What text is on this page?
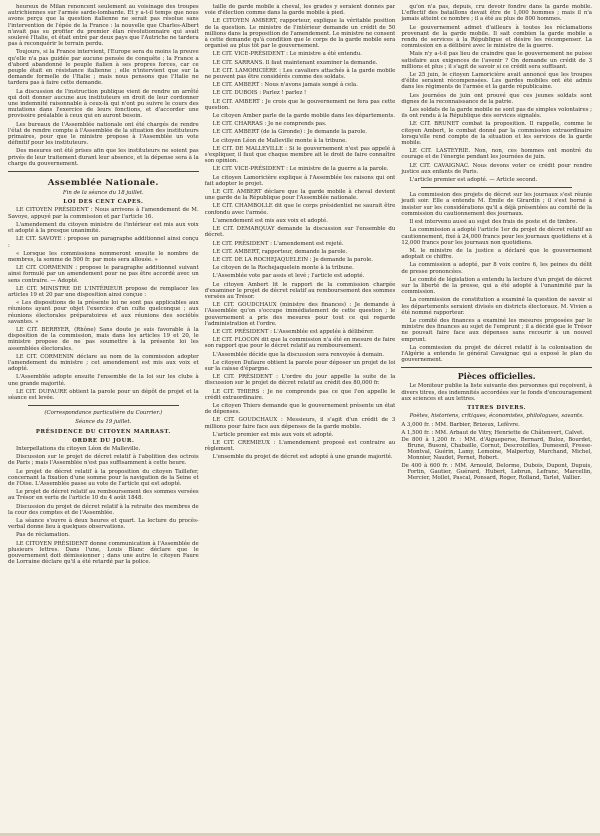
heureux de Milan renoncent seulement au voisinage des troupes autrichiennes sur l'armée sarde-lombarde. Et y a-t-il temps que nous avons perçu que la question italienne ne serait pas résolue sans l'intervention de l'épée de la France : la nouvelle que Charles-Albert n'avait pas su profiter du premier élan révolutionnaire qui avait soulevé l'Italie, et était entré par deux pays que l'Autriche ne tardera pas à reconquérir le terrain perdu.

Toujours, si la France intervient, l'Europe sera du moins la preuve qu'elle n'a pas guidée par aucune pensée de conquête ; la France a d'abord abandonné le peuple italien à ses propres forces, car ce peuple était en résistance italienne ; elle n'intervient que sur la demande formelle de l'Italie ; mais nous pensons que l'Italie ne tardera pas à faire cette demande.

La discussion de l'instruction publique vient de rendre un arrêté qui doit donner aucune aux instituteurs en droit de leur cordonner une indemnité raisonnable à ceux-là qui n'ont pu suivre le cours des mutations dans l'exercice de leurs fonctions, et d'accorder une provisoire préalable à ceux qui en auront besoin.

Les bureaux de l'Assemblée nationale ont été chargés de rendre l'état de rendre compte à l'Assemblée de la situation des instituteurs primaires, pour que le ministre propose à l'Assemblée un vote définitif pour les instituteurs.

Des mesures ont été prises afin que les instituteurs ne soient pas privés de leur traitement durant leur absence, et la dépense sera à la charge du gouvernement.

Assemblée Nationale.

Fin de la séance du 18 juillet.

LOI DES CENT CAPES.

LE CITOYEN PRÉSIDENT : Nous arrivons à l'amendement de M. Savoye, appuyé par la commission et par l'article 16.

L'amendement du citoyen ministre de l'intérieur est mis aux voix et adopté à la presque unanimité.

LE CIT. SAVOYE : propose un paragraphe additionnel ainsi conçu :

« Lorsque les commissions nommeront ensuite le nombre de membres, la somme de 500 fr. par mois sera allouée. »

LE CIT. CORMENIN : propose le paragraphe additionnel suivant ainsi formulé par un amendement pour ne pas être accordé avec un sens contraire. — Adopté.

LE CIT. MINISTRE DE L'INTÉRIEUR propose de remplacer les articles 19 et 20 par une disposition ainsi conçue :

« Les dispositions de la présente loi ne sont pas applicables aux réunions ayant pour objet l'exercice d'un culte quelconque ; aux réunions électorales préparatoires et aux réunions des sociétés savantes. »

LE CIT. BERRYER, (Rhône) Sans doute je suis favorable à la disposition de la commission, mais dans les articles 19 et 20, le ministre propose de ne pas soumettre à la présente loi les assemblées électorales.

LE CIT. CORMENIN déclare au nom de la commission adopter l'amendement du ministre ; cet amendement est mis aux voix et adopté.

L'Assemblée adopte ensuite l'ensemble de la loi sur les clubs à une grande majorité.

LE CIT. DUFAURE obtient la parole pour un dépôt de projet et la séance est levée.

(Correspondance particulière du Courrier.)

Séance du 19 juillet.

PRÉSIDENCE DU CITOYEN MARRAST.

ORDRE DU JOUR.

Interpellations du citoyen Léon de Malleville.

Discussion sur le projet de décret relatif à l'abolition des octrois de Paris ; mais l'Assemblée n'est pas suffisamment à cette heure.

Le projet de décret relatif à la proposition du citoyen Taillefer, concernant la fixation d'une somme pour la navigation de la Seine et de l'Oise. L'Assemblée passe au vote de l'article qui est adopté.

Le projet de décret relatif au remboursement des sommes versées au Trésor en vertu de l'article 10 du 4 août 1848.

Discussion du projet de décret relatif à la retraite des membres de la cour des comptes et de l'Assemblée.

La séance s'ouvre à deux heures et quart. La lecture du procès-verbal donne lieu à quelques observations.

Pas de réclamation.

LE CITOYEN PRÉSIDENT donne communication à l'Assemblée de plusieurs lettres. Dans l'une, Louis Blanc déclare que le gouvernement doit démissionner ; dans une autre le citoyen Faure de Lorraine déclare qu'il a été retardé par la police.

taille de garde mobile à cheval, les grades y seraient donnés par voie d'élection comme dans la garde mobile à pied.

LE CITOYEN AMBERT, rapporteur, explique la véritable position de la question. Le ministre de l'intérieur demande un crédit de 50 millions dans la proposition de l'amendement. Le ministre ne consent à cette demande qu'à condition que le corps de la garde mobile sera organisé au plus tôt par le gouvernement.

LE CIT. VICE-PRÉSIDENT : Le ministre a été entendu.

LE CIT. SARRANS. Il faut maintenant examiner la demande.

LE CIT. LAMORICIÈRE : Les cavaliers attachés à la garde mobile ne peuvent pas être considérés comme des soldats.

LE CIT. AMBERT : Nous n'avons jamais songé à cela.

LE CIT. DUBOIS : Parlez ! parlez !

LE CIT. AMBERT : Je crois que le gouvernement ne fera pas cette question.

Le citoyen Amber parle de la garde mobile dans les départements.

LE CIT. CHARRAS : Je ne comprends pas.

LE CIT. AMBERT (de la Gironde) : Je demande la parole.

Le citoyen Léon de Malleville monte à la tribune.

LE CIT. DE MALLEVILLE : Si le gouvernement n'est pas appelé à s'expliquer, il faut que chaque membre ait le droit de faire connaître son opinion.

LE CIT. VICE-PRÉSIDENT : Le ministre de la guerre a la parole.

Le citoyen Lamoricière explique à l'Assemblée les raisons qui ont fait adopter le projet.

LE CIT. AMBERT déclare que la garde mobile à cheval devient une garde de la République pour l'Assemblée nationale.

LE CIT. CHAMBOLLE dit que le corps présidentiel ne saurait être confondu avec l'armée.

L'amendement est mis aux voix et adopté.

LE CIT. DEMARQUAY demande la discussion sur l'ensemble du décret.

LE CIT. PRÉSIDENT : L'amendement est rejeté.

LE CIT. AMBERT, rapporteur, demande la parole.

LE CIT. DE LA ROCHEJAQUELEIN : Je demande la parole.

Le citoyen de la Rochejaquelein monte à la tribune.

L'Assemblée vote par assis et levé ; l'article est adopté.

Le citoyen Ambert lit le rapport de la commission chargée d'examiner le projet de décret relatif au remboursement des sommes versées au Trésor.

LE CIT. GOUDCHAUX (ministre des finances) : Je demande à l'Assemblée qu'on s'occupe immédiatement de cette question ; le gouvernement a pris des mesures pour tout ce qui regarde l'administration et l'ordre.

LE CIT. PRÉSIDENT : L'Assemblée est appelée à délibérer.

LE CIT. FLOCON dit que la commission n'a été en mesure de faire son rapport que pour le décret relatif au remboursement.

L'Assemblée décide que la discussion sera renvoyée à demain.

Le citoyen Dufaure obtient la parole pour déposer un projet de loi sur la caisse d'épargne.

LE CIT. PRÉSIDENT : L'ordre du jour appelle la suite de la discussion sur le projet de décret relatif au crédit des 80,000 fr.

LE CIT. THIERS : Je ne comprends pas ce que l'on appelle le crédit extraordinaire.

Le citoyen Thiers demande que le gouvernement présente un état de dépenses.

LE CIT. GOUDCHAUX : Messieurs, il s'agit d'un crédit de 3 millions pour faire face aux dépenses de la garde mobile.

L'article premier est mis aux voix et adopté.

LE CIT. CREMIEUX : L'amendement proposé est contraire au règlement.

L'ensemble du projet de décret est adopté à une grande majorité.

qu'on n'a pas, depuis, cru devoir fondre dans la garde mobile. L'effectif des bataillons devait être de 1,000 hommes ; mais il n'a jamais atteint ce nombre ; il a été au plus de 800 hommes.

Le gouvernement admet d'ailleurs à toutes les réclamations provenant de la garde mobile. Il sait combien la garde mobile a rendu de services à la République et désire les récompenser. La commission en a délibéré avec le ministre de la guerre.

Mais n'y a-t-il pas lieu de craindre que le gouvernement ne puisse satisfaire aux exigences de l'avenir ? On demande un crédit de 3 millions et plus ; il s'agit de savoir si ce crédit sera suffisant.

Le 25 juin, le citoyen Lamoricière avait annoncé que les troupes d'élite seraient récompensées. Les gardes mobiles ont été admis dans les régiments de l'armée et la garde républicaine.

Les journées de juin ont prouvé que ces jeunes soldats sont dignes de la reconnaissance de la patrie.

Les soldats de la garde mobile ne sont pas de simples volontaires ; ils ont rendu à la République des services signalés.

LE CIT. BRUNET combat la proposition. Il rappelle, comme le citoyen Ambert, le combat donné par la commission extraordinaire lorsqu'elle rend compte de la situation et les services de la garde mobile.

LE CIT. LASTEYRIE. Non, non, ces hommes ont montré du courage et de l'énergie pendant les journées de juin.

LE CIT. CAVAIGNAC. Nous devons voter ce crédit pour rendre justice aux enfants de Paris.

L'article premier est adopté. — Article second.

La commission des projets de décret sur les journaux s'est réunie jeudi soir. Elle a entendu M. Émile de Girardin ; il s'est borné à insister sur les considérations qu'il a déjà présentées au comité de la commission du cautionnement des journaux.

Il est intervenu aussi au sujet des frais de poste et de timbre.

La commission a adopté l'article 1er du projet de décret relatif au cautionnement, fixé à 24,000 francs pour les journaux quotidiens et à 12,000 francs pour les journaux non quotidiens.

M. le ministre de la justice a déclaré que le gouvernement adoptait ce chiffre.

La commission a adopté, par 8 voix contre 6, les peines du délit de presse prononcées.

Le comité de législation a entendu la lecture d'un projet de décret sur la liberté de la presse, qui a été adopté à l'unanimité par la commission.

La commission de constitution a examiné la question de savoir si les départements seraient divisés en districts électoraux. M. Vivien a été nommé rapporteur.

Le comité des finances a examiné les mesures proposées par le ministre des finances au sujet de l'emprunt ; il a décidé que le Trésor ne pouvait faire face aux dépenses sans recourir à un nouvel emprunt.

La commission du projet de décret relatif à la colonisation de l'Algérie a entendu le général Cavaignac qui a exposé le plan du gouvernement.

Pièces officielles.

Le Moniteur publie la liste suivante des personnes qui reçoivent, à divers titres, des indemnités accordées sur le fonds d'encouragement aux sciences et aux lettres.

TITRES DIVERS.

Poètes, historiens, critiques, économistes, philologues, savants.

A 3,000 fr. : MM. Barbier, Brizeux, Lefèvre.

A 1,500 fr. : MM. Arbaut de Vitry, Henriette de Châtenvert, Calvet.

De 800 à 1,200 fr. : MM. d'Aigueperse, Bernard, Buloz, Bourdet, Brune, Busoni, Chabaille, Cornut, Descroizilles, Dumesnil, Fresse-Montval, Guérin, Lamy, Lemoine, Malpertuy, Marchand, Michel, Monnier, Naudet, Pernet, Robert.

De 400 à 600 fr. : MM. Arnould, Delorme, Dubois, Dupont, Dupuis, Fortin, Gautier, Guérard, Hubert, Lebrun, Lefranc, Marcellin, Mercier, Mollet, Pascal, Ponsard, Roger, Rolland, Tarlet, Vallier.
